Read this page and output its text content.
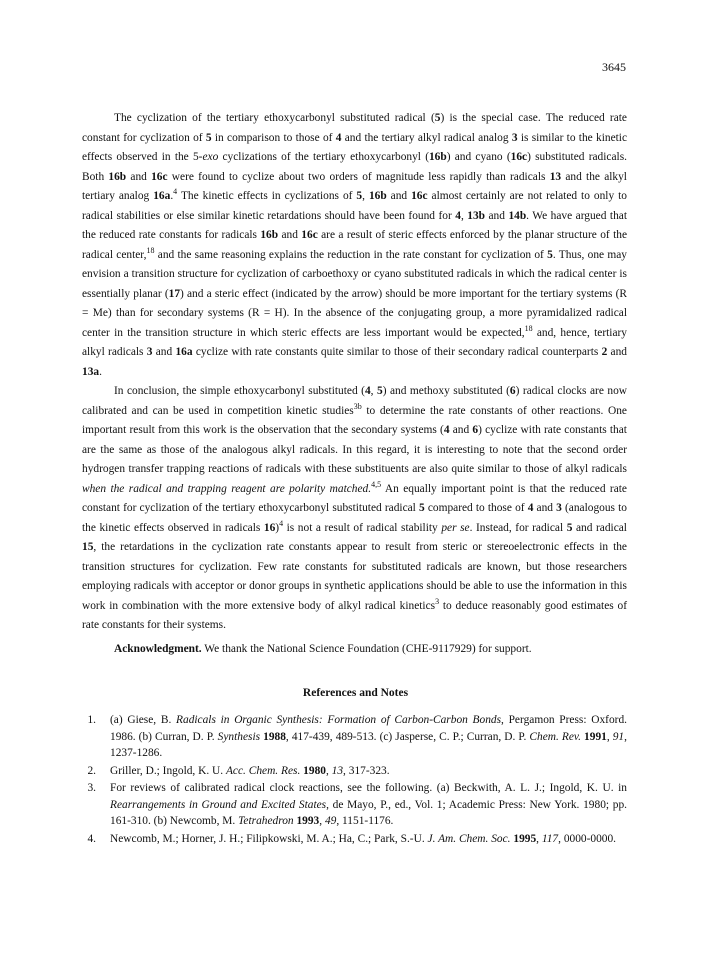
3645

The cyclization of the tertiary ethoxycarbonyl substituted radical (5) is the special case. The reduced rate constant for cyclization of 5 in comparison to those of 4 and the tertiary alkyl radical analog 3 is similar to the kinetic effects observed in the 5-exo cyclizations of the tertiary ethoxycarbonyl (16b) and cyano (16c) substituted radicals. Both 16b and 16c were found to cyclize about two orders of magnitude less rapidly than radicals 13 and the alkyl tertiary analog 16a.$^4$ The kinetic effects in cyclizations of 5, 16b and 16c almost certainly are not related to only to radical stabilities or else similar kinetic retardations should have been found for 4, 13b and 14b. We have argued that the reduced rate constants for radicals 16b and 16c are a result of steric effects enforced by the planar structure of the radical center,$^{18}$ and the same reasoning explains the reduction in the rate constant for cyclization of 5. Thus, one may envision a transition structure for cyclization of carboethoxy or cyano substituted radicals in which the radical center is essentially planar (17) and a steric effect (indicated by the arrow) should be more important for the tertiary systems (R = Me) than for secondary systems (R = H). In the absence of the conjugating group, a more pyramidalized radical center in the transition structure in which steric effects are less important would be expected,$^{18}$ and, hence, tertiary alkyl radicals 3 and 16a cyclize with rate constants quite similar to those of their secondary radical counterparts 2 and 13a.

In conclusion, the simple ethoxycarbonyl substituted (4, 5) and methoxy substituted (6) radical clocks are now calibrated and can be used in competition kinetic studies$^{3b}$ to determine the rate constants of other reactions. One important result from this work is the observation that the secondary systems (4 and 6) cyclize with rate constants that are the same as those of the analogous alkyl radicals. In this regard, it is interesting to note that the second order hydrogen transfer trapping reactions of radicals with these substituents are also quite similar to those of alkyl radicals when the radical and trapping reagent are polarity matched.$^{4,5}$ An equally important point is that the reduced rate constant for cyclization of the tertiary ethoxycarbonyl substituted radical 5 compared to those of 4 and 3 (analogous to the kinetic effects observed in radicals 16)$^4$ is not a result of radical stability per se. Instead, for radical 5 and radical 15, the retardations in the cyclization rate constants appear to result from steric or stereoelectronic effects in the transition structures for cyclization. Few rate constants for substituted radicals are known, but those researchers employing radicals with acceptor or donor groups in synthetic applications should be able to use the information in this work in combination with the more extensive body of alkyl radical kinetics$^3$ to deduce reasonably good estimates of rate constants for their systems.

Acknowledgment. We thank the National Science Foundation (CHE-9117929) for support.

References and Notes
1. (a) Giese, B. Radicals in Organic Synthesis: Formation of Carbon-Carbon Bonds, Pergamon Press: Oxford. 1986. (b) Curran, D. P. Synthesis 1988, 417-439, 489-513. (c) Jasperse, C. P.; Curran, D. P. Chem. Rev. 1991, 91, 1237-1286.
2. Griller, D.; Ingold, K. U. Acc. Chem. Res. 1980, 13, 317-323.
3. For reviews of calibrated radical clock reactions, see the following. (a) Beckwith, A. L. J.; Ingold, K. U. in Rearrangements in Ground and Excited States, de Mayo, P., ed., Vol. 1; Academic Press: New York. 1980; pp. 161-310. (b) Newcomb, M. Tetrahedron 1993, 49, 1151-1176.
4. Newcomb, M.; Horner, J. H.; Filipkowski, M. A.; Ha, C.; Park, S.-U. J. Am. Chem. Soc. 1995, 117, 0000-0000.
